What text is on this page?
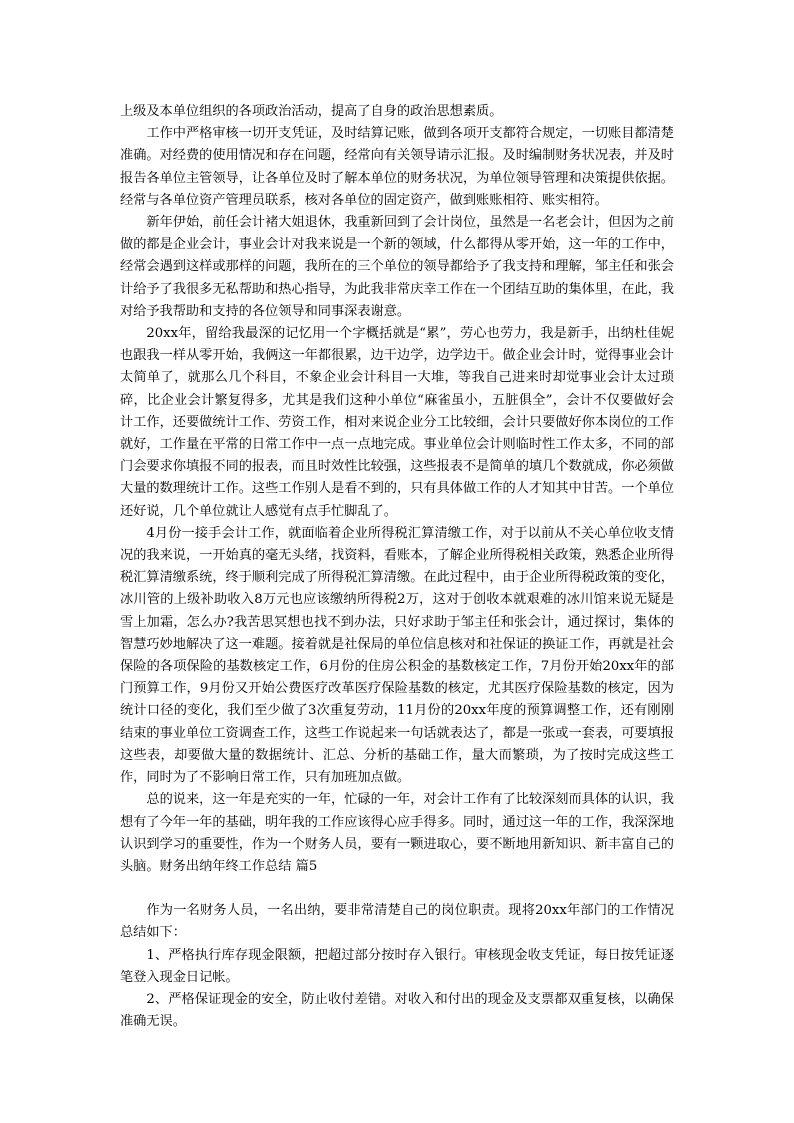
上级及本单位组织的各项政治活动，提高了自身的政治思想素质。

工作中严格审核一切开支凭证，及时结算记账，做到各项开支都符合规定，一切账目都清楚准确。对经费的使用情况和存在问题，经常向有关领导请示汇报。及时编制财务状况表，并及时报告各单位主管领导，让各单位及时了解本单位的财务状况，为单位领导管理和决策提供依据。经常与各单位资产管理员联系，核对各单位的固定资产，做到账账相符、账实相符。

新年伊始，前任会计褚大姐退休，我重新回到了会计岗位，虽然是一名老会计，但因为之前做的都是企业会计，事业会计对我来说是一个新的领域，什么都得从零开始，这一年的工作中，经常会遇到这样或那样的问题，我所在的三个单位的领导都给予了我支持和理解，邹主任和张会计给予了我很多无私帮助和热心指导，为此我非常庆幸工作在一个团结互助的集体里，在此，我对给予我帮助和支持的各位领导和同事深表谢意。

20xx年，留给我最深的记忆用一个字概括就是“累”，劳心也劳力，我是新手，出纳杜佳妮也跟我一样从零开始，我俩这一年都很累，边干边学，边学边干。做企业会计时，觉得事业会计太简单了，就那么几个科目，不象企业会计科目一大堆，等我自己进来时却觉事业会计太过琐碎，比企业会计繁复得多，尤其是我们这种小单位“麻雀虽小，五脏俱全”，会计不仅要做好会计工作，还要做统计工作、劳资工作，相对来说企业分工比较细，会计只要做好你本岗位的工作就好，工作量在平常的日常工作中一点一点地完成。事业单位会计则临时性工作太多，不同的部门会要求你填报不同的报表，而且时效性比较强，这些报表不是简单的填几个数就成，你必须做大量的数理统计工作。这些工作别人是看不到的，只有具体做工作的人才知其中甘苦。一个单位还好说，几个单位就让人感觉有点手忙脚乱了。

4月份一接手会计工作，就面临着企业所得税汇算清缴工作，对于以前从不关心单位收支情况的我来说，一开始真的毫无头绪，找资料，看账本，了解企业所得税相关政策，熟悉企业所得税汇算清缴系统，终于顺利完成了所得税汇算清缴。在此过程中，由于企业所得税政策的变化，冰川管的上级补助收入8万元也应该缴纳所得税2万，这对于创收本就艰难的冰川馆来说无疑是雪上加霜，怎么办?我苦思冥想也找不到办法，只好求助于邹主任和张会计，通过探讨，集体的智慧巧妙地解决了这一难题。接着就是社保局的单位信息核对和社保证的换证工作，再就是社会保险的各项保险的基数核定工作，6月份的住房公积金的基数核定工作，7月份开始20xx年的部门预算工作，9月份又开始公费医疗改革医疗保险基数的核定，尤其医疗保险基数的核定，因为统计口径的变化，我们至少做了3次重复劳动，11月份的20xx年度的预算调整工作，还有刚刚结束的事业单位工资调查工作，这些工作说起来一句话就表达了，都是一张或一套表，可要填报这些表，却要做大量的数据统计、汇总、分析的基础工作，量大而繁琐，为了按时完成这些工作，同时为了不影响日常工作，只有加班加点做。

总的说来，这一年是充实的一年，忙碌的一年，对会计工作有了比较深刻而具体的认识，我想有了今年一年的基础，明年我的工作应该得心应手得多。同时，通过这一年的工作，我深深地认识到学习的重要性，作为一个财务人员，要有一颗进取心，要不断地用新知识、新丰富自己的头脑。财务出纳年终工作总结 篇5

作为一名财务人员，一名出纳，要非常清楚自己的岗位职责。现将20xx年部门的工作情况总结如下：

1、严格执行库存现金限额，把超过部分按时存入银行。审核现金收支凭证，每日按凭证逐笔登入现金日记帐。

2、严格保证现金的安全，防止收付差错。对收入和付出的现金及支票都双重复核，以确保准确无误。
